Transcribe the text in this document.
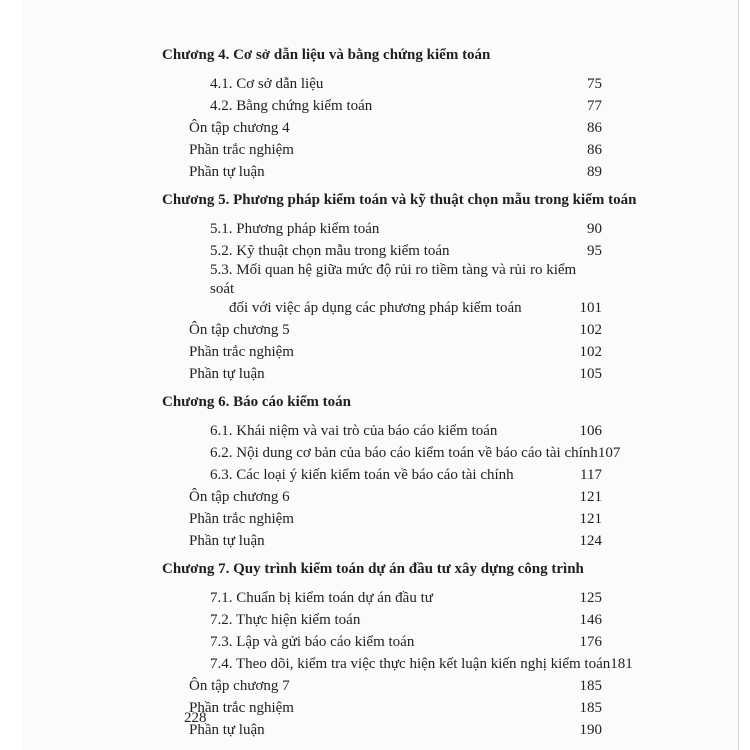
Chương 4. Cơ sở dẫn liệu và bằng chứng kiểm toán

4.1. Cơ sở dẫn liệu	75
4.2. Bằng chứng kiểm toán	77
Ôn tập chương 4	86
Phần trắc nghiệm	86
Phần tự luận	89

Chương 5. Phương pháp kiểm toán và kỹ thuật chọn mẫu trong kiểm toán

5.1. Phương pháp kiểm toán	90
5.2. Kỹ thuật chọn mẫu trong kiểm toán	95
5.3. Mối quan hệ giữa mức độ rủi ro tiềm tàng và rủi ro kiểm soát
đối với việc áp dụng các phương pháp kiểm toán	101
Ôn tập chương 5	102
Phần trắc nghiệm	102
Phần tự luận	105

Chương 6. Báo cáo kiểm toán

6.1. Khái niệm và vai trò của báo cáo kiểm toán	106
6.2. Nội dung cơ bản của báo cáo kiểm toán về báo cáo tài chính 107
6.3. Các loại ý kiến kiểm toán về báo cáo tài chính	117
Ôn tập chương 6	121
Phần trắc nghiệm	121
Phần tự luận	124

Chương 7. Quy trình kiểm toán dự án đầu tư xây dựng công trình

7.1. Chuẩn bị kiểm toán dự án đầu tư	125
7.2. Thực hiện kiểm toán	146
7.3. Lập và gửi báo cáo kiểm toán	176
7.4. Theo dõi, kiểm tra việc thực hiện kết luận kiến nghị kiểm toán 181
Ôn tập chương 7	185
Phần trắc nghiệm	185
Phần tự luận	190
228
